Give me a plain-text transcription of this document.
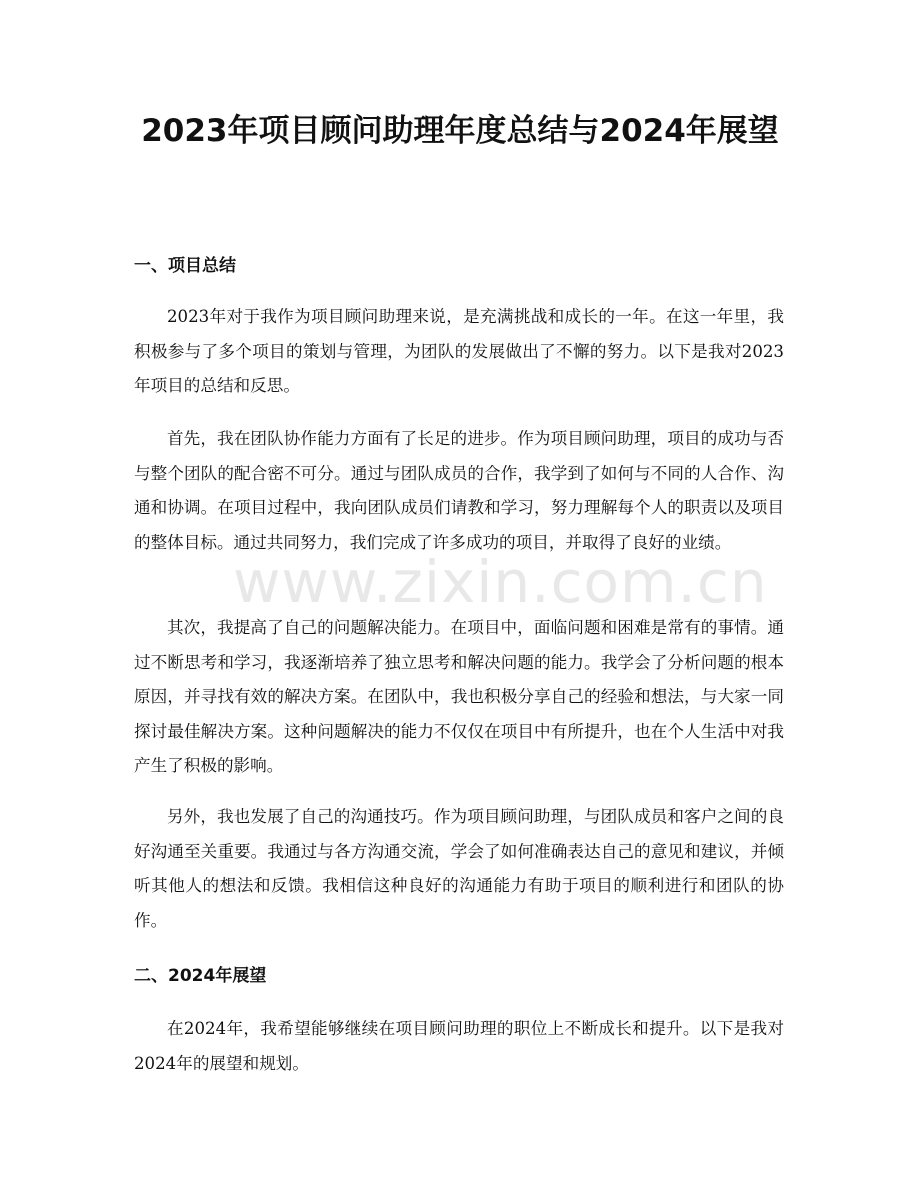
2023年项目顾问助理年度总结与2024年展望
一、项目总结

2023年对于我作为项目顾问助理来说，是充满挑战和成长的一年。在这一年里，我积极参与了多个项目的策划与管理，为团队的发展做出了不懈的努力。以下是我对2023年项目的总结和反思。

首先，我在团队协作能力方面有了长足的进步。作为项目顾问助理，项目的成功与否与整个团队的配合密不可分。通过与团队成员的合作，我学到了如何与不同的人合作、沟通和协调。在项目过程中，我向团队成员们请教和学习，努力理解每个人的职责以及项目的整体目标。通过共同努力，我们完成了许多成功的项目，并取得了良好的业绩。

其次，我提高了自己的问题解决能力。在项目中，面临问题和困难是常有的事情。通过不断思考和学习，我逐渐培养了独立思考和解决问题的能力。我学会了分析问题的根本原因，并寻找有效的解决方案。在团队中，我也积极分享自己的经验和想法，与大家一同探讨最佳解决方案。这种问题解决的能力不仅仅在项目中有所提升，也在个人生活中对我产生了积极的影响。

另外，我也发展了自己的沟通技巧。作为项目顾问助理，与团队成员和客户之间的良好沟通至关重要。我通过与各方沟通交流，学会了如何准确表达自己的意见和建议，并倾听其他人的想法和反馈。我相信这种良好的沟通能力有助于项目的顺利进行和团队的协作。

二、2024年展望

在2024年，我希望能够继续在项目顾问助理的职位上不断成长和提升。以下是我对2024年的展望和规划。

www.zixin.com.cn
